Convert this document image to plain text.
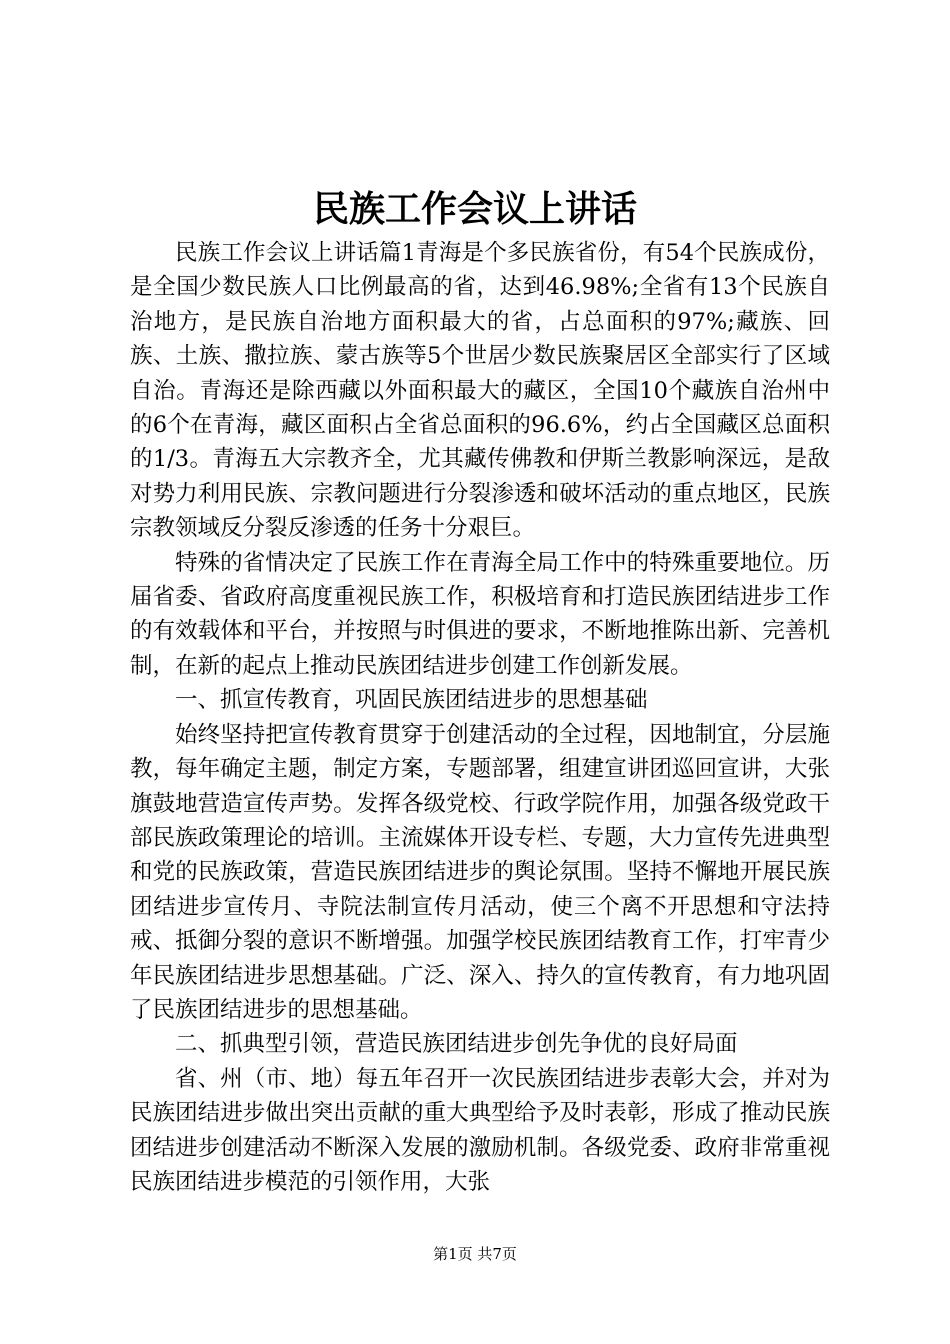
民族工作会议上讲话

民族工作会议上讲话篇1青海是个多民族省份，有54个民族成份，是全国少数民族人口比例最高的省，达到46.98%;全省有13个民族自治地方，是民族自治地方面积最大的省，占总面积的97%;藏族、回族、土族、撒拉族、蒙古族等5个世居少数民族聚居区全部实行了区域自治。青海还是除西藏以外面积最大的藏区，全国10个藏族自治州中的6个在青海，藏区面积占全省总面积的96.6%，约占全国藏区总面积的1/3。青海五大宗教齐全，尤其藏传佛教和伊斯兰教影响深远，是敌对势力利用民族、宗教问题进行分裂渗透和破坏活动的重点地区，民族宗教领域反分裂反渗透的任务十分艰巨。

特殊的省情决定了民族工作在青海全局工作中的特殊重要地位。历届省委、省政府高度重视民族工作，积极培育和打造民族团结进步工作的有效载体和平台，并按照与时俱进的要求，不断地推陈出新、完善机制，在新的起点上推动民族团结进步创建工作创新发展。

一、抓宣传教育，巩固民族团结进步的思想基础

始终坚持把宣传教育贯穿于创建活动的全过程，因地制宜，分层施教，每年确定主题，制定方案，专题部署，组建宣讲团巡回宣讲，大张旗鼓地营造宣传声势。发挥各级党校、行政学院作用，加强各级党政干部民族政策理论的培训。主流媒体开设专栏、专题，大力宣传先进典型和党的民族政策，营造民族团结进步的舆论氛围。坚持不懈地开展民族团结进步宣传月、寺院法制宣传月活动，使三个离不开思想和守法持戒、抵御分裂的意识不断增强。加强学校民族团结教育工作，打牢青少年民族团结进步思想基础。广泛、深入、持久的宣传教育，有力地巩固了民族团结进步的思想基础。

二、抓典型引领，营造民族团结进步创先争优的良好局面

省、州（市、地）每五年召开一次民族团结进步表彰大会，并对为民族团结进步做出突出贡献的重大典型给予及时表彰，形成了推动民族团结进步创建活动不断深入发展的激励机制。各级党委、政府非常重视民族团结进步模范的引领作用，大张

第1页 共7页
